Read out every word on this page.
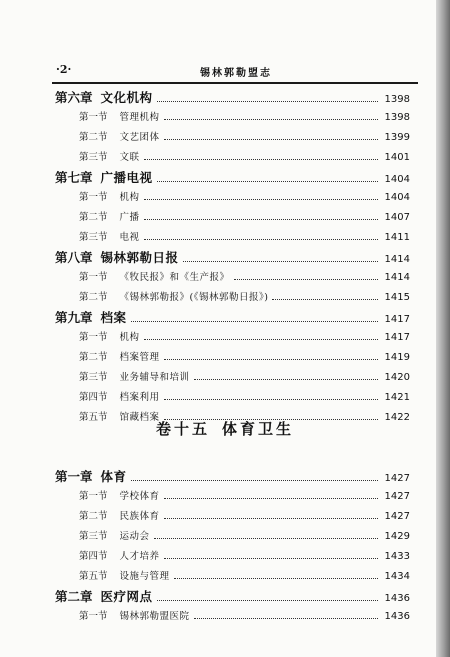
·2·	锡林郭勒盟志
第六章 文化机构	1398
第一节 管理机构	1398
第二节 文艺团体	1399
第三节 文联	1401
第七章 广播电视	1404
第一节 机构	1404
第二节 广播	1407
第三节 电视	1411
第八章 锡林郭勒日报	1414
第一节 《牧民报》和《生产报》	1414
第二节 《锡林郭勒报》(《锡林郭勒日报》)	1415
第九章 档案	1417
第一节 机构	1417
第二节 档案管理	1419
第三节 业务辅导和培训	1420
第四节 档案利用	1421
第五节 馆藏档案	1422
卷十五 体育卫生
第一章 体育	1427
第一节 学校体育	1427
第二节 民族体育	1427
第三节 运动会	1429
第四节 人才培养	1433
第五节 设施与管理	1434
第二章 医疗网点	1436
第一节 锡林郭勒盟医院	1436
